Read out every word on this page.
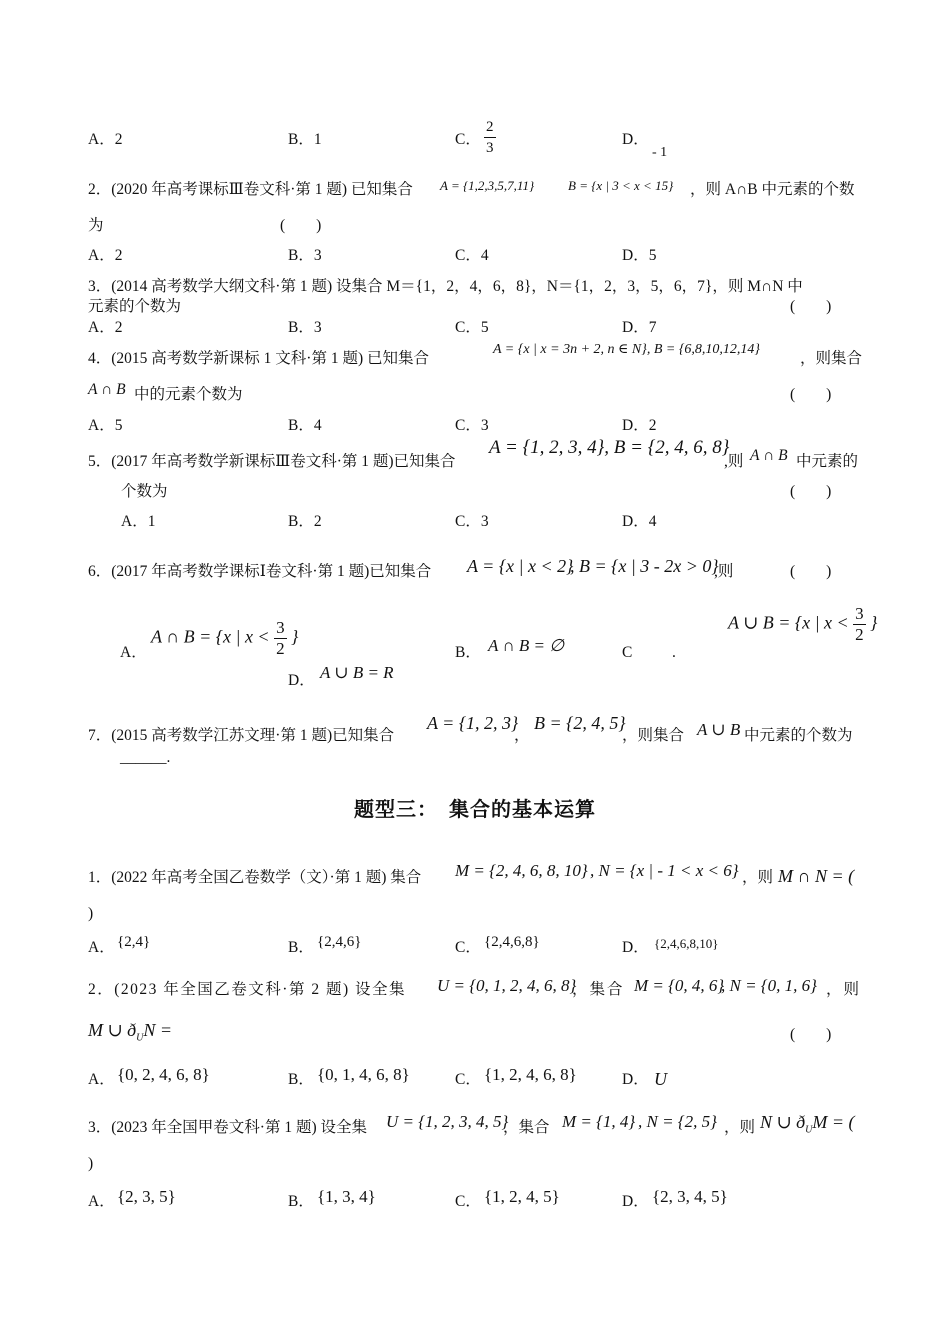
A．2	B．1	C． $\frac{2}{3}$	D．
- 1
2．(2020 年高考课标Ⅲ卷文科·第 1 题) 已知集合 A = {1,2,3,5,7,11}	B = {x | 3 < x < 15} ，则 A∩B 中元素的个数
为	(　　)
A．2	B．3	C．4	D．5
3．(2014 高考数学大纲文科·第 1 题) 设集合 M＝{1，2，4，6，8}，N＝{1，2，3，5，6，7}，则 M∩N 中
元素的个数为	(　　)
A．2	B．3	C．5	D．7
4．(2015 高考数学新课标 1 文科·第 1 题) 已知集合
A = {x | x = 3n + 2, n ∈ N}, B = {6,8,10,12,14}
，则集合
A ∩ B 中的元素个数为	(　　)
A．5	B．4	C．3	D．2
5．(2017 年高考数学新课标Ⅲ卷文科·第 1 题)已知集合
A = {1, 2, 3, 4}, B = {2, 4, 6, 8}
,则 A ∩ B 中元素的
个数为	(　　)
A．1	B．2	C．3	D．4
6．(2017 年高考数学课标Ⅰ卷文科·第 1 题)已知集合 A = {x | x < 2}
, B = {x | 3 - 2x > 0}
,则	(　　)
A．
A ∩ B = {x | $x < \frac{3}{2}$ }
B． A ∩ B = ∅	C	.
A ∪ B = {x | $x < \frac{3}{2}$ }
D． A ∪ B = R
7．(2015 高考数学江苏文理·第 1 题)已知集合
A = {1, 2, 3}
，
B = {2, 4, 5}
，则集合 A ∪ B 中元素的个数为
______.
题型三：　集合的基本运算
1．(2022 年高考全国乙卷数学（文）·第 1 题) 集合 M = {2, 4, 6, 8, 10} , N = {x | - 1 < x < 6} ，则 M ∩ N = (
)
A． {2,4}	B． {2,4,6}	C． {2,4,6,8}	D． {2,4,6,8,10}
2．(2023 年全国乙卷文科·第 2 题) 设全集 U = {0, 1, 2, 4, 6, 8}
，集合 M = {0, 4, 6}
, N = {0, 1, 6} ，则
M ∪ $ð_UN$ =	(　　)
A． {0, 2, 4, 6, 8}	B． {0, 1, 4, 6, 8}	C． {1, 2, 4, 6, 8}	D． U
3．(2023 年全国甲卷文科·第 1 题) 设全集 U = {1, 2, 3, 4, 5}
，集合 M = {1, 4} , N = {2, 5} ，则 N ∪ $ð_UM$ = (
)
A． {2, 3, 5}	B． {1, 3, 4}	C． {1, 2, 4, 5}	D． {2, 3, 4, 5}
